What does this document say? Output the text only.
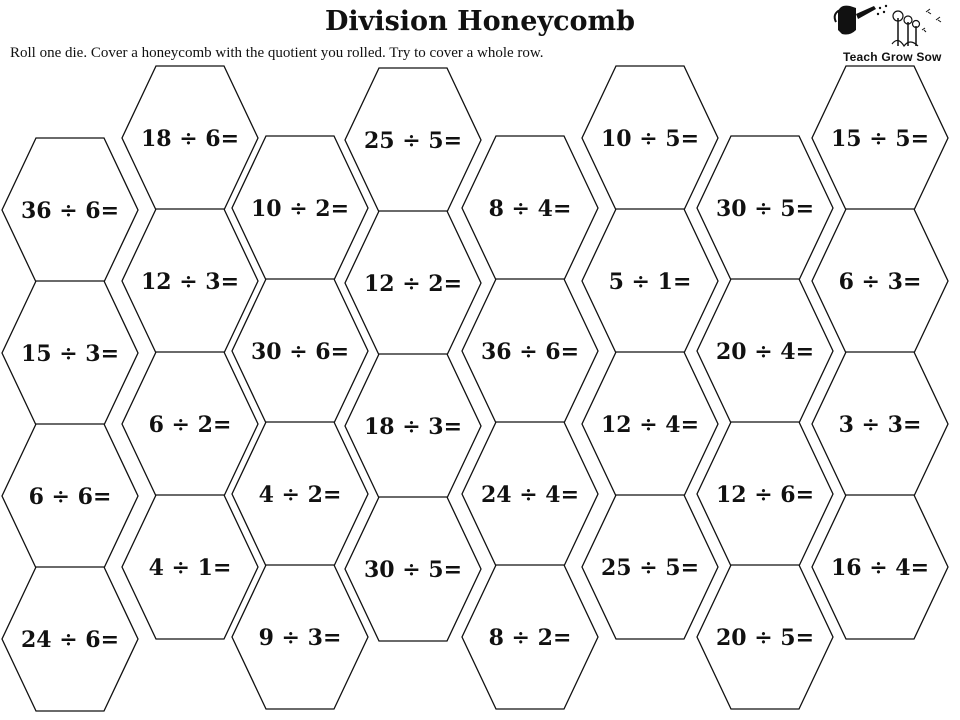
Division Honeycomb
Roll one die. Cover a honeycomb with the quotient you rolled. Try to cover a whole row.	Teach Grow Sow
36 ÷ 6=
15 ÷ 3=
6 ÷ 6=
24 ÷ 6=
18 ÷ 6=
12 ÷ 3=
6 ÷ 2=
4 ÷ 1=
10 ÷ 2=
30 ÷ 6=
4 ÷ 2=
9 ÷ 3=
25 ÷ 5=
12 ÷ 2=
18 ÷ 3=
30 ÷ 5=
8 ÷ 4=
36 ÷ 6=
24 ÷ 4=
8 ÷ 2=
10 ÷ 5=
5 ÷ 1=
12 ÷ 4=
25 ÷ 5=
30 ÷ 5=
20 ÷ 4=
12 ÷ 6=
20 ÷ 5=
15 ÷ 5=
6 ÷ 3=
3 ÷ 3=
16 ÷ 4=
